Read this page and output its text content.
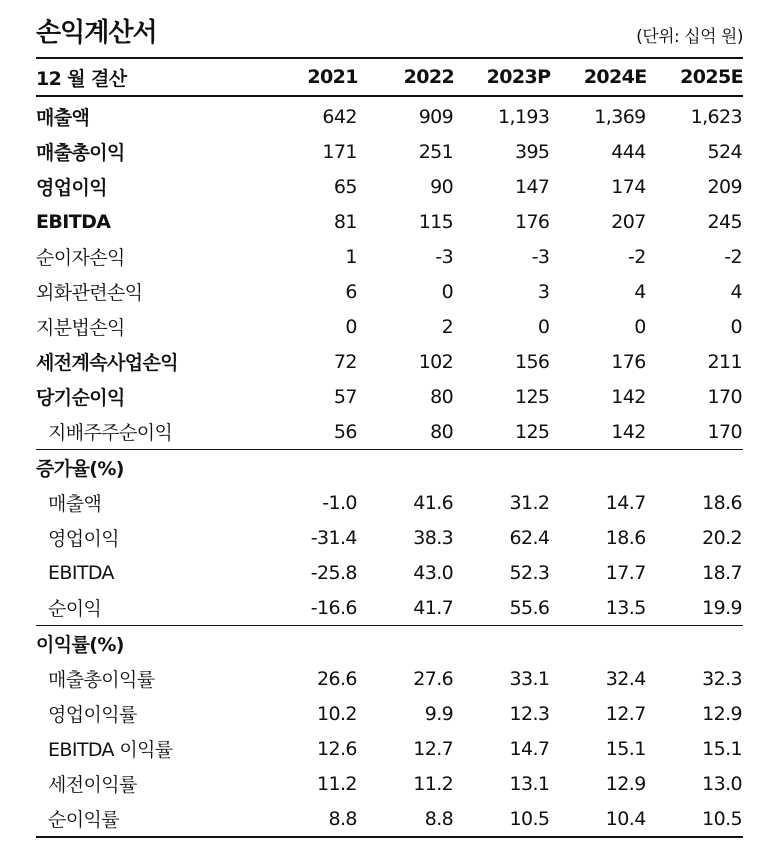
손익계산서	(단위: 십억 원)
12 월 결산	2021	2022	2023P	2024E	2025E
매출액	642	909	1,193	1,369	1,623
매출총이익	171	251	395	444	524
영업이익	65	90	147	174	209
EBITDA	81	115	176	207	245
순이자손익	1	-3	-3	-2	-2
외화관련손익	6	0	3	4	4
지분법손익	0	2	0	0	0
세전계속사업손익	72	102	156	176	211
당기순이익	57	80	125	142	170
지배주주순이익	56	80	125	142	170
증가율(%)					
매출액	-1.0	41.6	31.2	14.7	18.6
영업이익	-31.4	38.3	62.4	18.6	20.2
EBITDA	-25.8	43.0	52.3	17.7	18.7
순이익	-16.6	41.7	55.6	13.5	19.9
이익률(%)					
매출총이익률	26.6	27.6	33.1	32.4	32.3
영업이익률	10.2	9.9	12.3	12.7	12.9
EBITDA 이익률	12.6	12.7	14.7	15.1	15.1
세전이익률	11.2	11.2	13.1	12.9	13.0
순이익률	8.8	8.8	10.5	10.4	10.5
